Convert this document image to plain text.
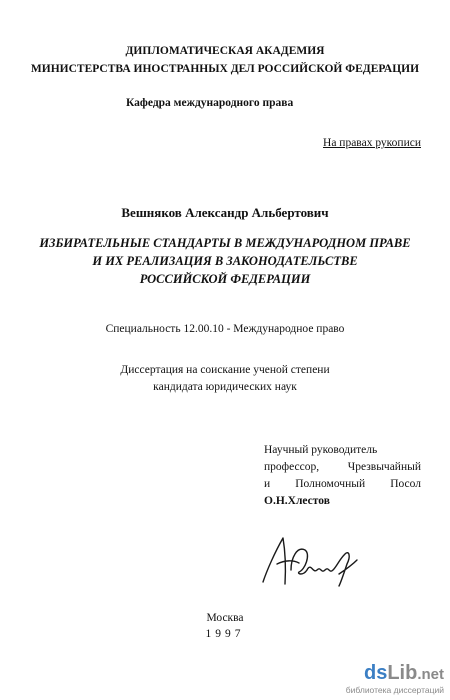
ДИПЛОМАТИЧЕСКАЯ АКАДЕМИЯ
МИНИСТЕРСТВА ИНОСТРАННЫХ ДЕЛ РОССИЙСКОЙ ФЕДЕРАЦИИ
Кафедра международного права
На правах рукописи
Вешняков Александр Альбертович
ИЗБИРАТЕЛЬНЫЕ СТАНДАРТЫ В МЕЖДУНАРОДНОМ ПРАВЕ
И ИХ РЕАЛИЗАЦИЯ В ЗАКОНОДАТЕЛЬСТВЕ
РОССИЙСКОЙ ФЕДЕРАЦИИ
Специальность 12.00.10 - Международное право
Диссертация на соискание ученой степени
кандидата юридических наук
Научный руководитель
профессор, Чрезвычайный
и Полномочный Посол
О.Н.Хлестов
Москва
1997
dsLib.net
библиотека диссертаций
